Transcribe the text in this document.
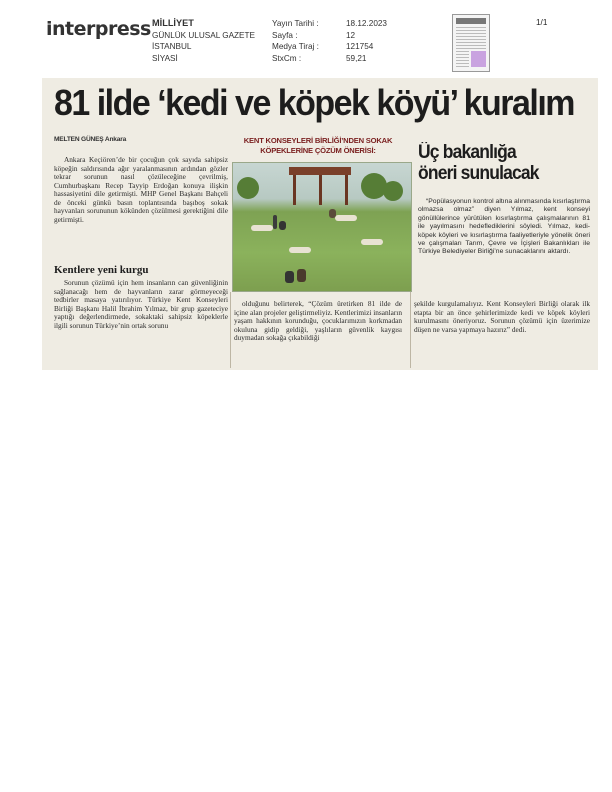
interpress MİLLİYET
GÜNLÜK ULUSAL GAZETE
İSTANBUL
SİYASİ
Yayın Tarihi :
Sayfa :
Medya Tiraj :
StxCm :
18.12.2023
12
121754
59,21
1/1
81 ilde ‘kedi ve köpek köyü’ kuralım
MELTEN GÜNEŞ Ankara
Ankara Keçiören’de bir çocuğun çok sayıda sahipsiz köpeğin saldırısında ağır yaralanmasının ardından gözler tekrar sorunun nasıl çözüleceğine çevrilmiş, Cumhurbaşkanı Recep Tayyip Erdoğan konuya ilişkin hassasiyetini dile getirmişti. MHP Genel Başkanı Bahçeli de önceki günkü basın toplantısında başıboş sokak hayvanları sorununun kökünden çözülmesi gerektiğini dile getirmişti.
Kentlere yeni kurgu
Sorunun çözümü için hem insanların can güvenliğinin sağlanacağı hem de hayvanların zarar görmeyeceği tedbirler masaya yatırılıyor. Türkiye Kent Konseyleri Birliği Başkanı Halil İbrahim Yılmaz, bir grup gazeteciye yaptığı değerlendirmede, sokaktaki sahipsiz köpeklerle ilgili sorunun Türkiye’nin ortak sorunu
KENT KONSEYLERİ BİRLİĞİ’NDEN SOKAK KÖPEKLERİNE ÇÖZÜM ÖNERİSİ:	Üç bakanlığa
öneri sunulacak
“Popülasyonun kontrol altına alınmasında kısırlaştırma olmazsa olmaz” diyen Yılmaz, kent konseyi gönüllülerince yürütülen kısırlaştırma çalışmalarının 81 ile yayılmasını hedeflediklerini söyledi. Yılmaz, kedi-köpek köyleri ve kısırlaştırma faaliyetleriyle yönelik öneri ve çalışmaları Tarım, Çevre ve İçişleri Bakanlıkları ile Türkiye Belediyeler Birliği’ne sunacaklarını aktardı.
olduğunu belirterek, “Çözüm üretirken 81 ilde de içine alan projeler geliştirmeliyiz. Kentlerimizi insanların yaşam hakkının korunduğu, çocuklarımızın korkmadan okuluna gidip geldiği, yaşlıların güvenlik kaygısı duymadan sokağa çıkabildiği
şekilde kurgulamalıyız. Kent Konseyleri Birliği olarak ilk etapta bir an önce şehirlerimizde kedi ve köpek köyleri kurulmasını öneriyoruz. Sorunun çözümü için üzerimize düşen ne varsa yapmaya hazırız” dedi.
